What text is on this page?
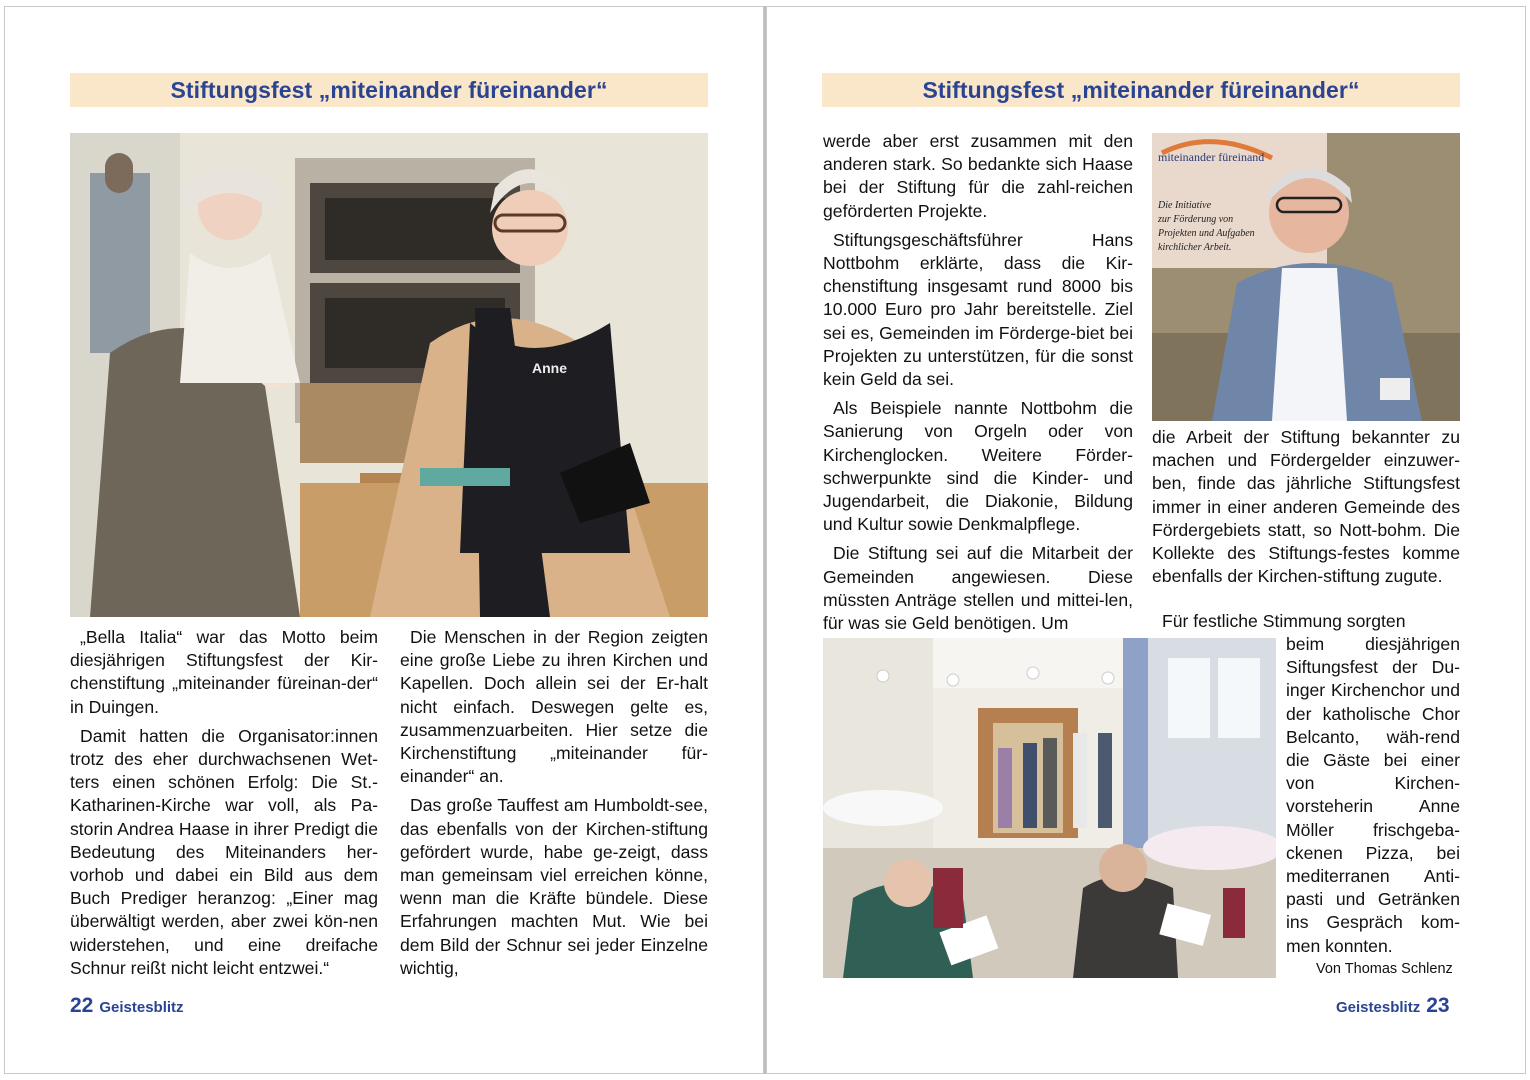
Stiftungsfest „miteinander füreinander“
Anne

„Bella Italia“ war das Motto beim diesjährigen Stiftungsfest der Kir-chenstiftung „miteinander füreinan-der“ in Duingen.

Damit hatten die Organisator:innen trotz des eher durchwachsenen Wet-ters einen schönen Erfolg: Die St.-Katharinen-Kirche war voll, als Pa-storin Andrea Haase in ihrer Predigt die Bedeutung des Miteinanders her-vorhob und dabei ein Bild aus dem Buch Prediger heranzog: „Einer mag überwältigt werden, aber zwei kön-nen widerstehen, und eine dreifache Schnur reißt nicht leicht entzwei.“

Die Menschen in der Region zeigten eine große Liebe zu ihren Kirchen und Kapellen. Doch allein sei der Er-halt nicht einfach. Deswegen gelte es, zusammenzuarbeiten. Hier setze die Kirchenstiftung „miteinander für-einander“ an.

Das große Tauffest am Humboldt-see, das ebenfalls von der Kirchen-stiftung gefördert wurde, habe ge-zeigt, dass man gemeinsam viel erreichen könne, wenn man die Kräfte bündele. Diese Erfahrungen machten Mut. Wie bei dem Bild der Schnur sei jeder Einzelne wichtig,

22 Geistesblitz
Stiftungsfest „miteinander füreinander“

werde aber erst zusammen mit den anderen stark. So bedankte sich Haase bei der Stiftung für die zahl-reichen geförderten Projekte.

Stiftungsgeschäftsführer Hans Nottbohm erklärte, dass die Kir-chenstiftung insgesamt rund 8000 bis 10.000 Euro pro Jahr bereitstelle. Ziel sei es, Gemeinden im Förderge-biet bei Projekten zu unterstützen, für die sonst kein Geld da sei.

Als Beispiele nannte Nottbohm die Sanierung von Orgeln oder von Kirchenglocken. Weitere Förder-schwerpunkte sind die Kinder- und Jugendarbeit, die Diakonie, Bildung und Kultur sowie Denkmalpflege.

Die Stiftung sei auf die Mitarbeit der Gemeinden angewiesen. Diese müssten Anträge stellen und mittei-len, für was sie Geld benötigen. Um

miteinander füreinand
Die Initiative
zur Förderung von
Projekten und Aufgaben
kirchlicher Arbeit.

die Arbeit der Stiftung bekannter zu machen und Fördergelder einzuwer-ben, finde das jährliche Stiftungsfest immer in einer anderen Gemeinde des Fördergebiets statt, so Nott-bohm. Die Kollekte des Stiftungs-festes komme ebenfalls der Kirchen-stiftung zugute.

Für festliche Stimmung sorgten

beim diesjährigen Siftungsfest der Du-inger Kirchenchor und der katholische Chor Belcanto, wäh-rend die Gäste bei einer von Kirchen-vorsteherin Anne Möller frischgeba-ckenen Pizza, bei mediterranen Anti-pasti und Getränken ins Gespräch kom-men konnten.

Von Thomas Schlenz
Geistesblitz 23
